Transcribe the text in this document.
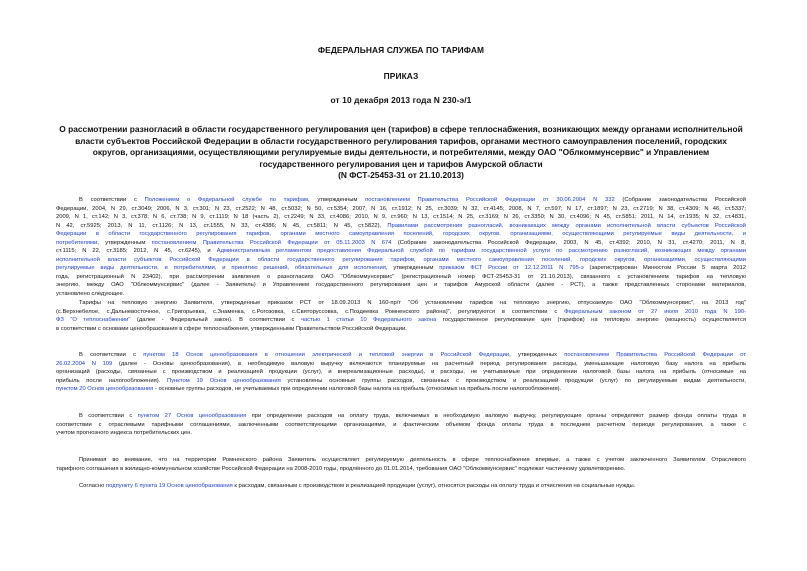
ФЕДЕРАЛЬНАЯ СЛУЖБА ПО ТАРИФАМ
ПРИКАЗ
от 10 декабря 2013 года N 230-э/1
О рассмотрении разногласий в области государственного регулирования цен (тарифов) в сфере теплоснабжения, возникающих между органами исполнительной
власти субъектов Российской Федерации в области государственного регулирования тарифов, органами местного самоуправления поселений, городских
округов, организациями, осуществляющими регулируемые виды деятельности, и потребителями, между ОАО "Облкоммунсервис" и Управлением
государственного регулирования цен и тарифов Амурской области
(N ФСТ-25453-31 от 21.10.2013)
В соответствии с Положением о Федеральной службе по тарифам, утвержденным постановлением Правительства Российской Федерации от 30.06.2004 N 332 (Собрание законодательства Российской
Федерации, 2004, N 29, ст.3049; 2006, N 3, ст.301; N 23, ст.2522; N 48, ст.5032; N 50, ст.5354; 2007, N 16, ст.1912; N 25, ст.3039; N 32, ст.4145; 2008, N 7, ст.597; N 17, ст.1897; N 23, ст.2719; N 38, ст.4309; N 46, ст.5337;
2009, N 1, ст.142; N 3, ст.378; N 6, ст.738; N 9, ст.1119; N 18 (часть 2), ст.2249; N 33, ст.4086; 2010, N 9, ст.960; N 13, ст.1514; N 25, ст.3169; N 26, ст.3350; N 30, ст.4096; N 45, ст.5851; 2011, N 14, ст.1935; N 32, ст.4831,
N 42, ст.5925; 2013, N 11, ст.1126; N 13, ст.1555, N 33, ст.4386; N 45, ст.5811; N 45, ст.5822), Правилами рассмотрения разногласий, возникающих между органами исполнительной власти субъектов Российской
Федерации в области государственного регулирования тарифов, органами местного самоуправления поселений, городских округов, организациями, осуществляющими регулируемые виды деятельности, и
потребителями, утвержденным постановлением Правительства Российской Федерации от 05.11.2003 N 674 (Собрание законодательства Российской Федерации, 2003, N 45, ст.4392; 2010, N 31, ст.4270; 2011, N 8,
ст.1115; N 22, ст.3185; 2012, N 45, ст.6245), и Административным регламентом предоставления Федеральной службой по тарифам государственной услуги по рассмотрению разногласий, возникающих между органами
исполнительной власти субъектов Российской Федерации в области государственного регулирования тарифов, органами местного самоуправления поселений, городских округов, организациями, осуществляющими
регулируемые виды деятельности, и потребителями, и принятию решений, обязательных для исполнения, утвержденным приказом ФСТ России от 12.12.2011 N 795-э (зарегистрирован Минюстом России 5 марта 2012
года, регистрационный N 23402), при рассмотрении заявления о разногласиях ОАО "Облкоммунсервис" (регистрационный номер ФСТ-25453-31 от 21.10.2013), связанного с установлением тарифов на тепловую
энергию, между ОАО "Облкоммунсервис" (далее - Заявитель) и Управлением государственного регулирования цен и тарифов Амурской области (далее - РСТ), а также представленных сторонами материалов,
установлено следующее.
Тарифы на тепловую энергию Заявителя, утвержденные приказом РСТ от 18.09.2013 N 160-пр/т "Об установлении тарифов на тепловую энергию, отпускаемую ОАО "Облкоммунсервис", на 2013 год"
(с.Верхнебелое, с.Дальневосточное, с.Григорьевка, с.Знаменка, с.Рогозовка, с.Святоруссовка, с.Поздеевка Ромненского района)", регулируются в соответствии с Федеральным законом от 27 июля 2010 года N 190-
ФЗ "О теплоснабжении" (далее - Федеральный закон). В соответствии с частью 1 статьи 10 Федерального закона государственное регулирование цен (тарифов) на тепловую энергию (мощность) осуществляется
в соответствии с основами ценообразования в сфере теплоснабжения, утвержденными Правительством Российской Федерации.
В соответствии с пунктом 18 Основ ценообразования в отношении электрической и тепловой энергии в Российской Федерации, утвержденных постановлением Правительства Российской Федерации от
26.02.2004 N 109 (далее - Основы ценообразования), в необходимую валовую выручку включаются планируемые на расчетный период регулирования расходы, уменьшающие налоговую базу налога на прибыль
организаций (расходы, связанные с производством и реализацией продукции (услуг), и внереализационные расходы), и расходы, не учитываемые при определении налоговой базы налога на прибыль (относимые на
прибыль после налогообложения). Пунктом 19 Основ ценообразования установлены основные группы расходов, связанных с производством и реализацией продукции (услуг) по регулируемым видам деятельности,
пунктом 20 Основ ценообразования - основные группы расходов, не учитываемых при определении налоговой базы налога на прибыль (относимых на прибыль после налогообложения).
В соответствии с пунктом 27 Основ ценообразования при определении расходов на оплату труда, включаемых в необходимую валовую выручку, регулирующие органы определяют размер фонда оплаты труда в
соответствии с отраслевыми тарифными соглашениями, заключенными соответствующими организациями, и фактическим объемом фонда оплаты труда в последнем расчетном периоде регулирования, а также с
учетом прогнозного индекса потребительских цен.
Принимая во внимание, что на территории Ромненского района Заявитель осуществляет регулируемую деятельность в сфере теплоснабжения впервые, а также с учетом заключенного Заявителем Отраслевого
тарифного соглашения в жилищно-коммунальном хозяйстве Российской Федерации на 2008-2010 годы, продлённого до 01.01.2014, требования ОАО "Облкоммунсервис" подлежат частичному удовлетворению.
Согласно подпункту 6 пункта 19 Основ ценообразования к расходам, связанным с производством и реализацией продукции (услуг), относятся расходы на оплату труда и отчисления на социальные нужды.
